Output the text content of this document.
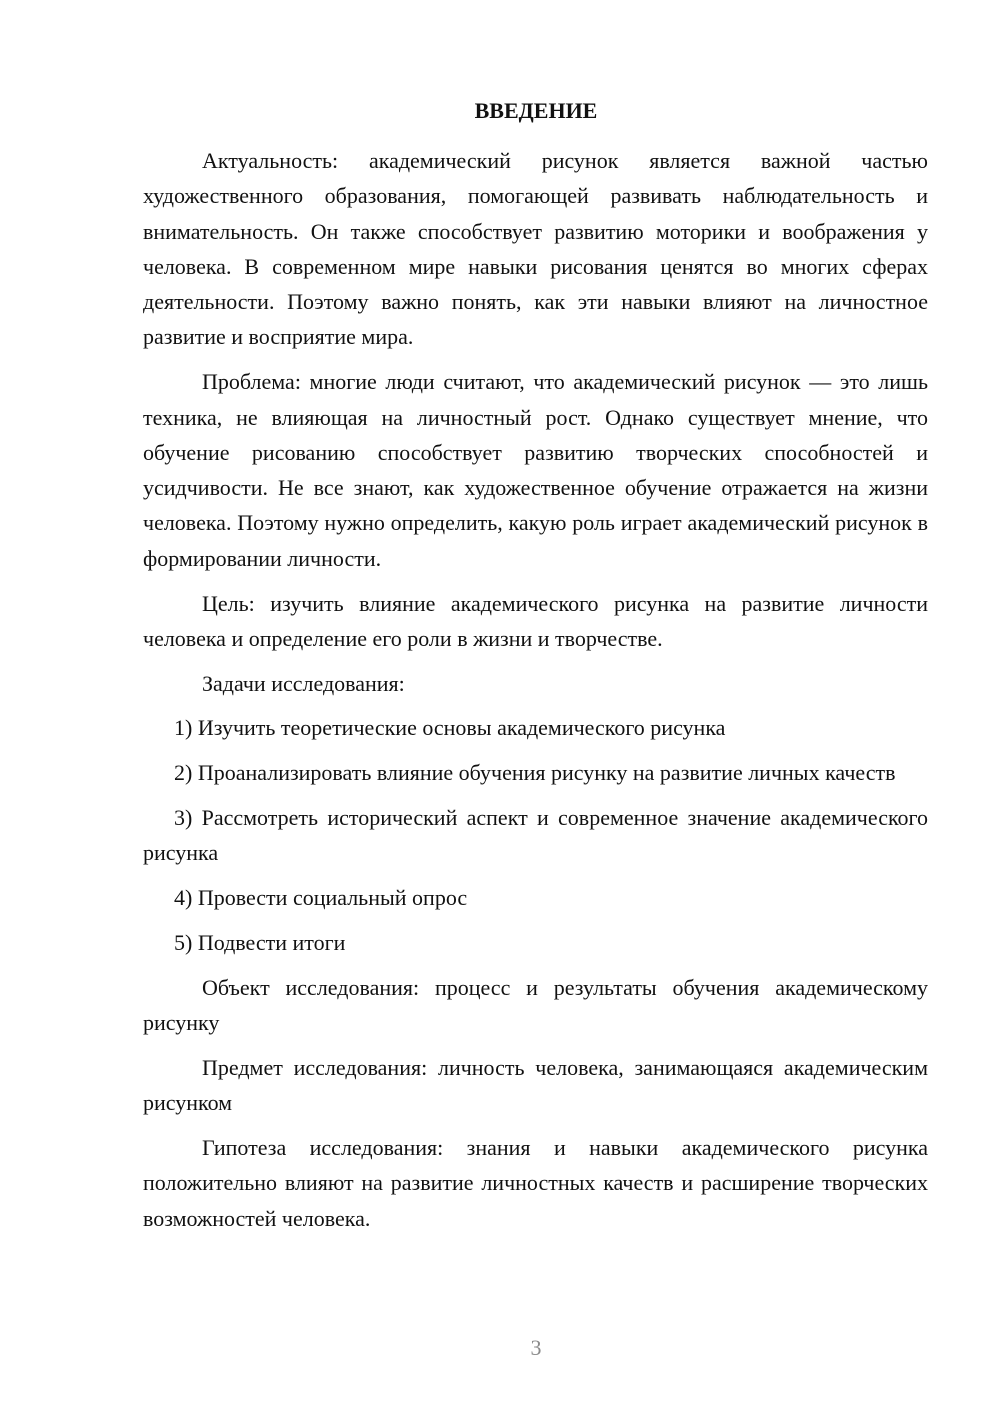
ВВЕДЕНИЕ

Актуальность: академический рисунок является важной частью художественного образования, помогающей развивать наблюдательность и внимательность. Он также способствует развитию моторики и воображения у человека. В современном мире навыки рисования ценятся во многих сферах деятельности. Поэтому важно понять, как эти навыки влияют на личностное развитие и восприятие мира.

Проблема: многие люди считают, что академический рисунок — это лишь техника, не влияющая на личностный рост. Однако существует мнение, что обучение рисованию способствует развитию творческих способностей и усидчивости. Не все знают, как художественное обучение отражается на жизни человека. Поэтому нужно определить, какую роль играет академический рисунок в формировании личности.

Цель: изучить влияние академического рисунка на развитие личности человека и определение его роли в жизни и творчестве.

Задачи исследования:

1) Изучить теоретические основы академического рисунка

2) Проанализировать влияние обучения рисунку на развитие личных качеств

3) Рассмотреть исторический аспект и современное значение академического рисунка

4) Провести социальный опрос

5) Подвести итоги

Объект исследования: процесс и результаты обучения академическому рисунку

Предмет исследования: личность человека, занимающаяся академическим рисунком

Гипотеза исследования: знания и навыки академического рисунка положительно влияют на развитие личностных качеств и расширение творческих возможностей человека.

3
